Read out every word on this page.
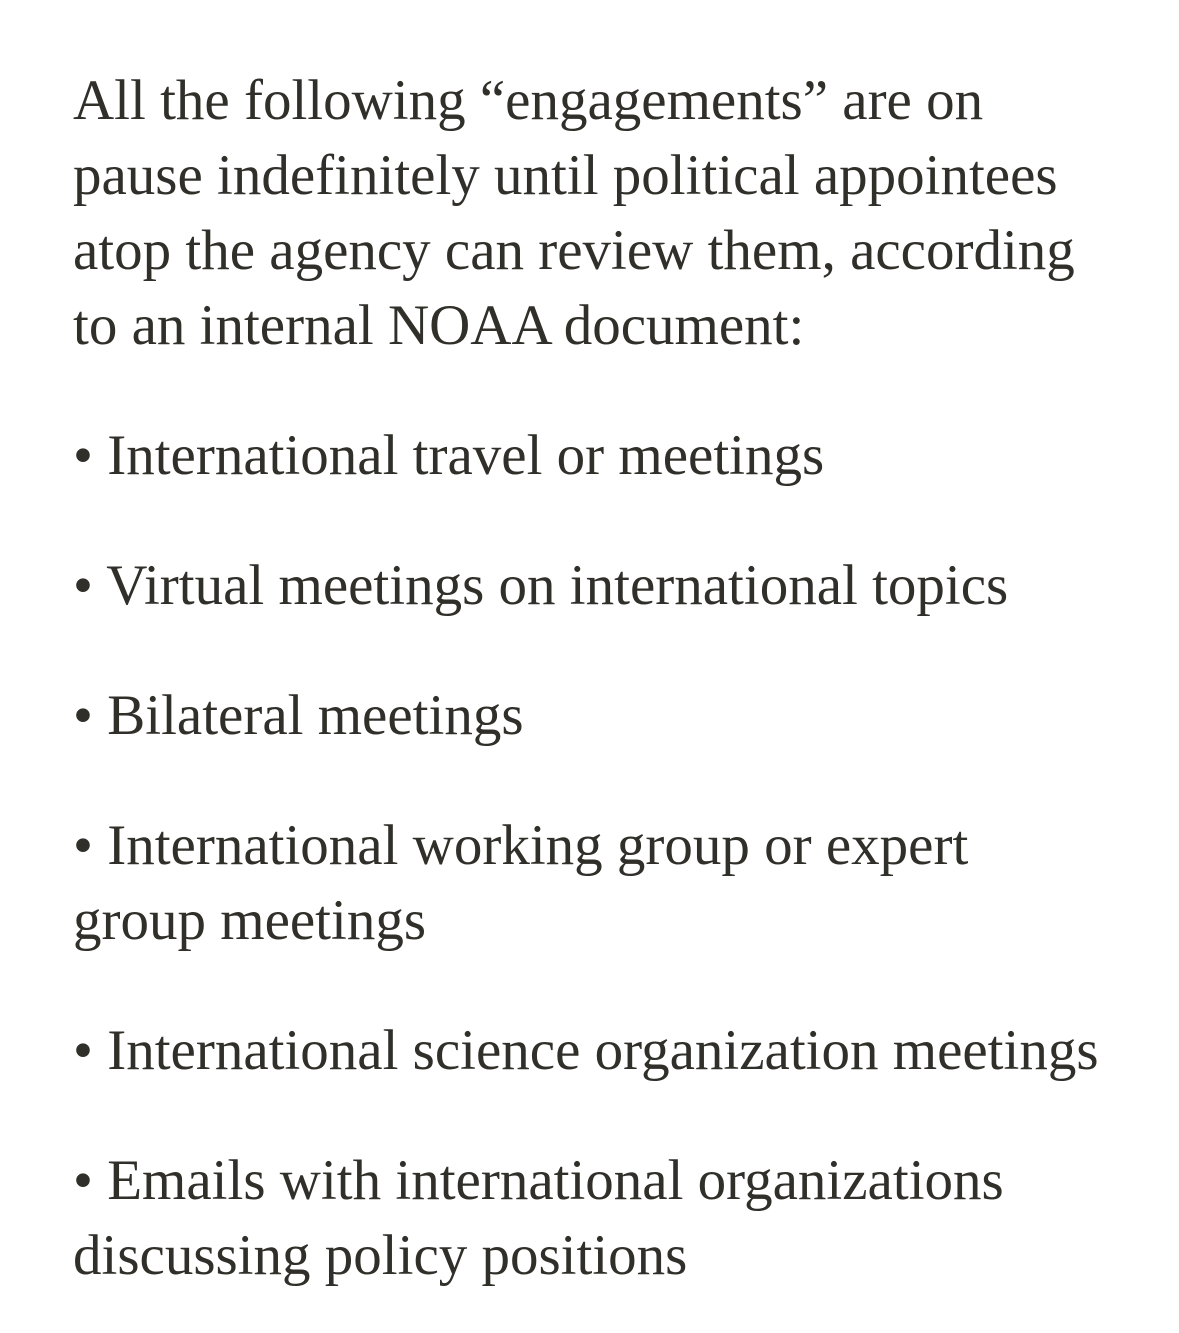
All the following “engagements” are on pause indefinitely until political appointees atop the agency can review them, according to an internal NOAA document:

• International travel or meetings

• Virtual meetings on international topics

• Bilateral meetings

• International working group or expert group meetings

• International science organization meetings

• Emails with international organizations discussing policy positions
